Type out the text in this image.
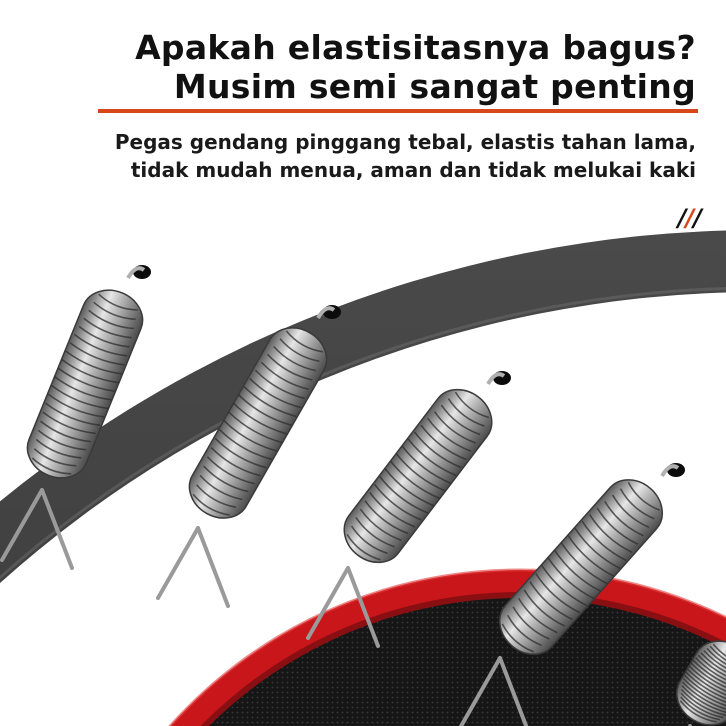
Apakah elastisitasnya bagus?
Musim semi sangat penting
Pegas gendang pinggang tebal, elastis tahan lama,
tidak mudah menua, aman dan tidak melukai kaki
///
